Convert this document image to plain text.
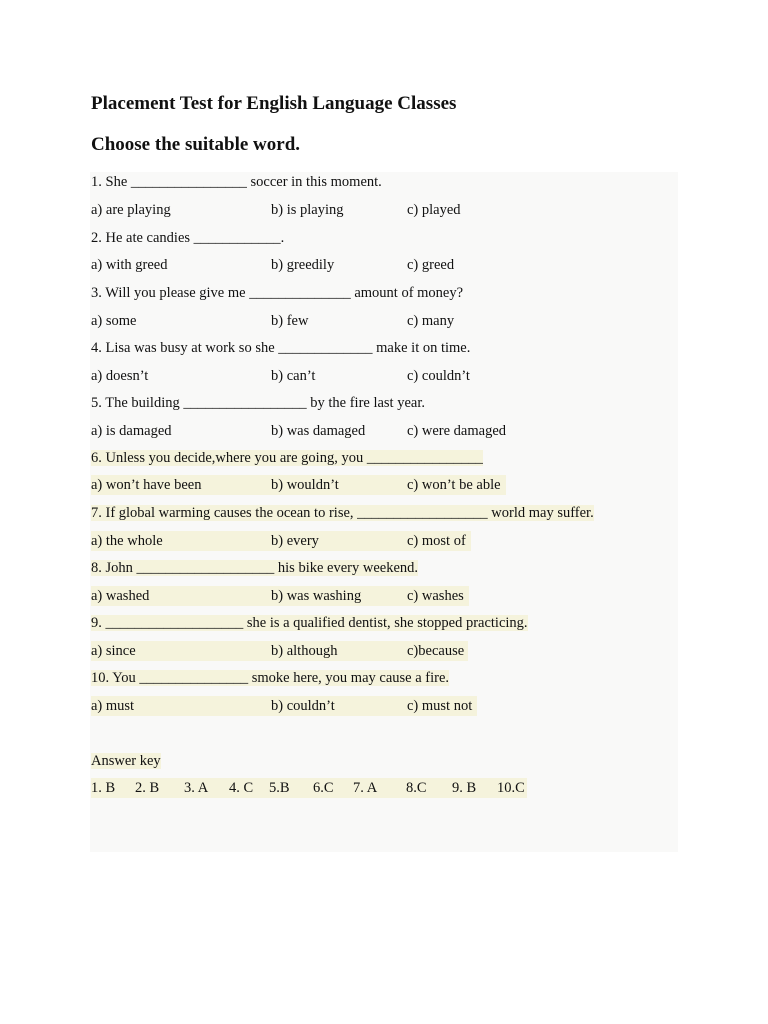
Placement Test for English Language Classes
Choose the suitable word.
1. She ________________ soccer in this moment.
a) are playing	b) is playing	c) played
2. He ate candies ____________.
a) with greed	b) greedily	c) greed
3. Will you please give me ______________ amount of money?
a) some	b) few	c) many
4. Lisa was busy at work so she _____________ make it on time.
a) doesn’t	b) can’t	c) couldn’t
5. The building _________________ by the fire last year.
a) is damaged	b) was damaged	c) were damaged
6. Unless you decide,where you are going, you ________________
a) won’t have been	b) wouldn’t	c) won’t be able
7. If global warming causes the ocean to rise, __________________ world may suffer.
a) the whole	b) every	c) most of
8. John ___________________ his bike every weekend.
a) washed	b) was washing	c) washes
9. ___________________ she is a qualified dentist, she stopped practicing.
a) since	b) although	c)because
10. You _______________ smoke here, you may cause a fire.
a) must	b) couldn’t	c) must not
Answer key
1. B 2. B 3. A 4. C 5.B 6.C 7. A 8.C 9. B 10.C
